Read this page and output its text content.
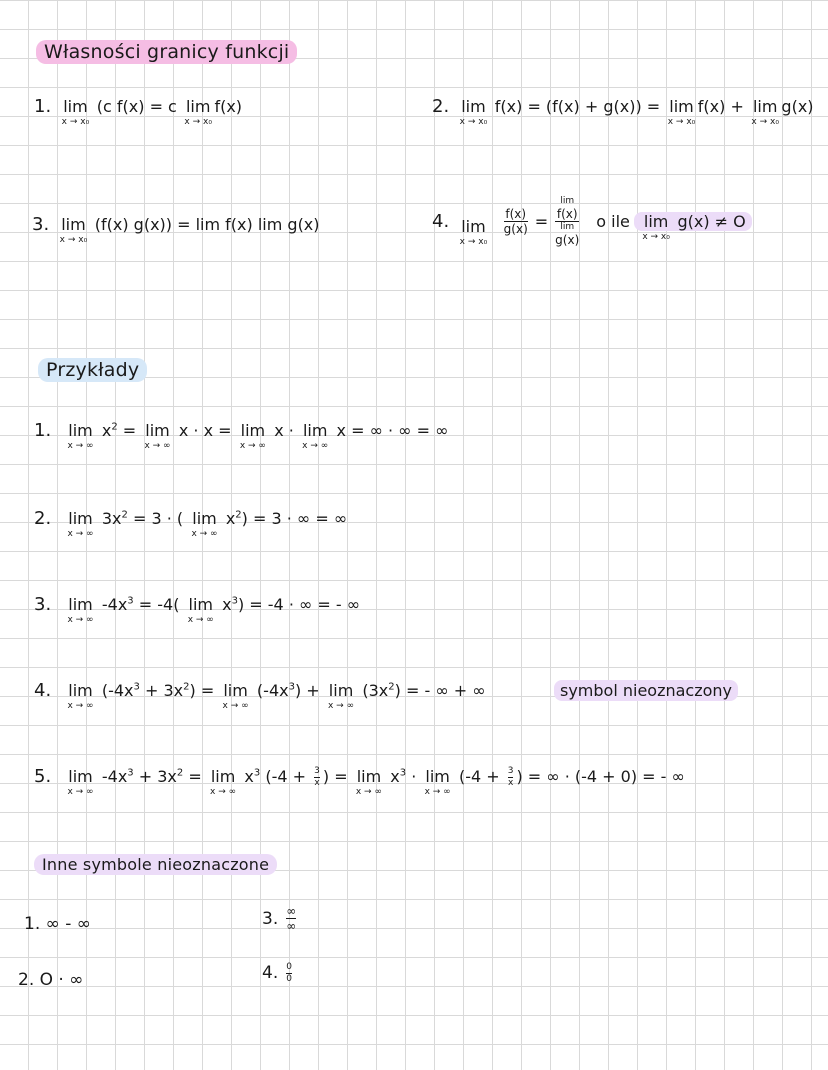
Własności granicy funkcji
1. lim
x → x₀
(c f(x) = c lim
x → x₀
f(x)	2. lim
x → x₀
f(x) = (f(x) + g(x)) = lim
x → x₀
f(x) + lim
x → x₀
g(x)
3. lim
x → x₀
(f(x) g(x)) = lim f(x) lim g(x)	4. lim
x → x₀
$\frac{f(x)}{g(x)} = \lim$
f(x)
lim
g(x) o ile lim
x → x₀
g(x) ≠ O
Przykłady
1. lim
x → ∞
$x^2 = \lim$
x → ∞
x · x = lim
x → ∞
x · lim
x → ∞
x = ∞ · ∞ = ∞
2. lim
x → ∞
$3x^2 = 3$ · ( lim
x → ∞
$x^2) = 3$ · ∞ = ∞
3. lim
x → ∞
$-4x^3 = -4$( lim
x → ∞
$x^3) = -4$ · ∞ = - ∞
4. lim
x → ∞
$(-4x^3 + 3x^2) = \lim$
x → ∞
$(-4x^3) + \lim$
x → ∞
$(3x^2)$ = - ∞ + ∞	symbol nieoznaczony
5. lim
x → ∞
$-4x^3 + 3x^2 = \lim$
x → ∞
$x^3$ ($-4 + \frac{3}{x}$ ) = lim
x → ∞
$x^3 \cdot \lim$
x → ∞
($-4 + \frac{3}{x}$ ) = ∞ · (-4 + 0) = - ∞
Inne symbole nieoznaczone
1. ∞ - ∞
2. O · ∞
3. $\frac{\infty}{\infty}$
4. $\frac{0}{0}$
